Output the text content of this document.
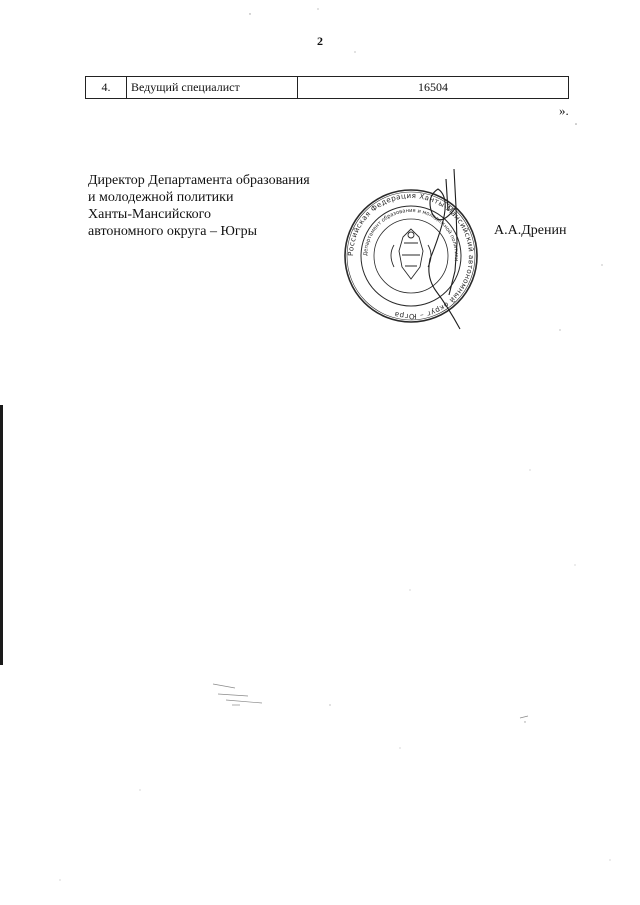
2
4.	Ведущий специалист	16504
».
Директор Департамента образования
и молодежной политики
Ханты-Мансийского
автономного округа – Югры
Российская Федерация Ханты-Мансийский автономный округ – Югра
Департамент образования и молодежной политики
А.А.Дренин
